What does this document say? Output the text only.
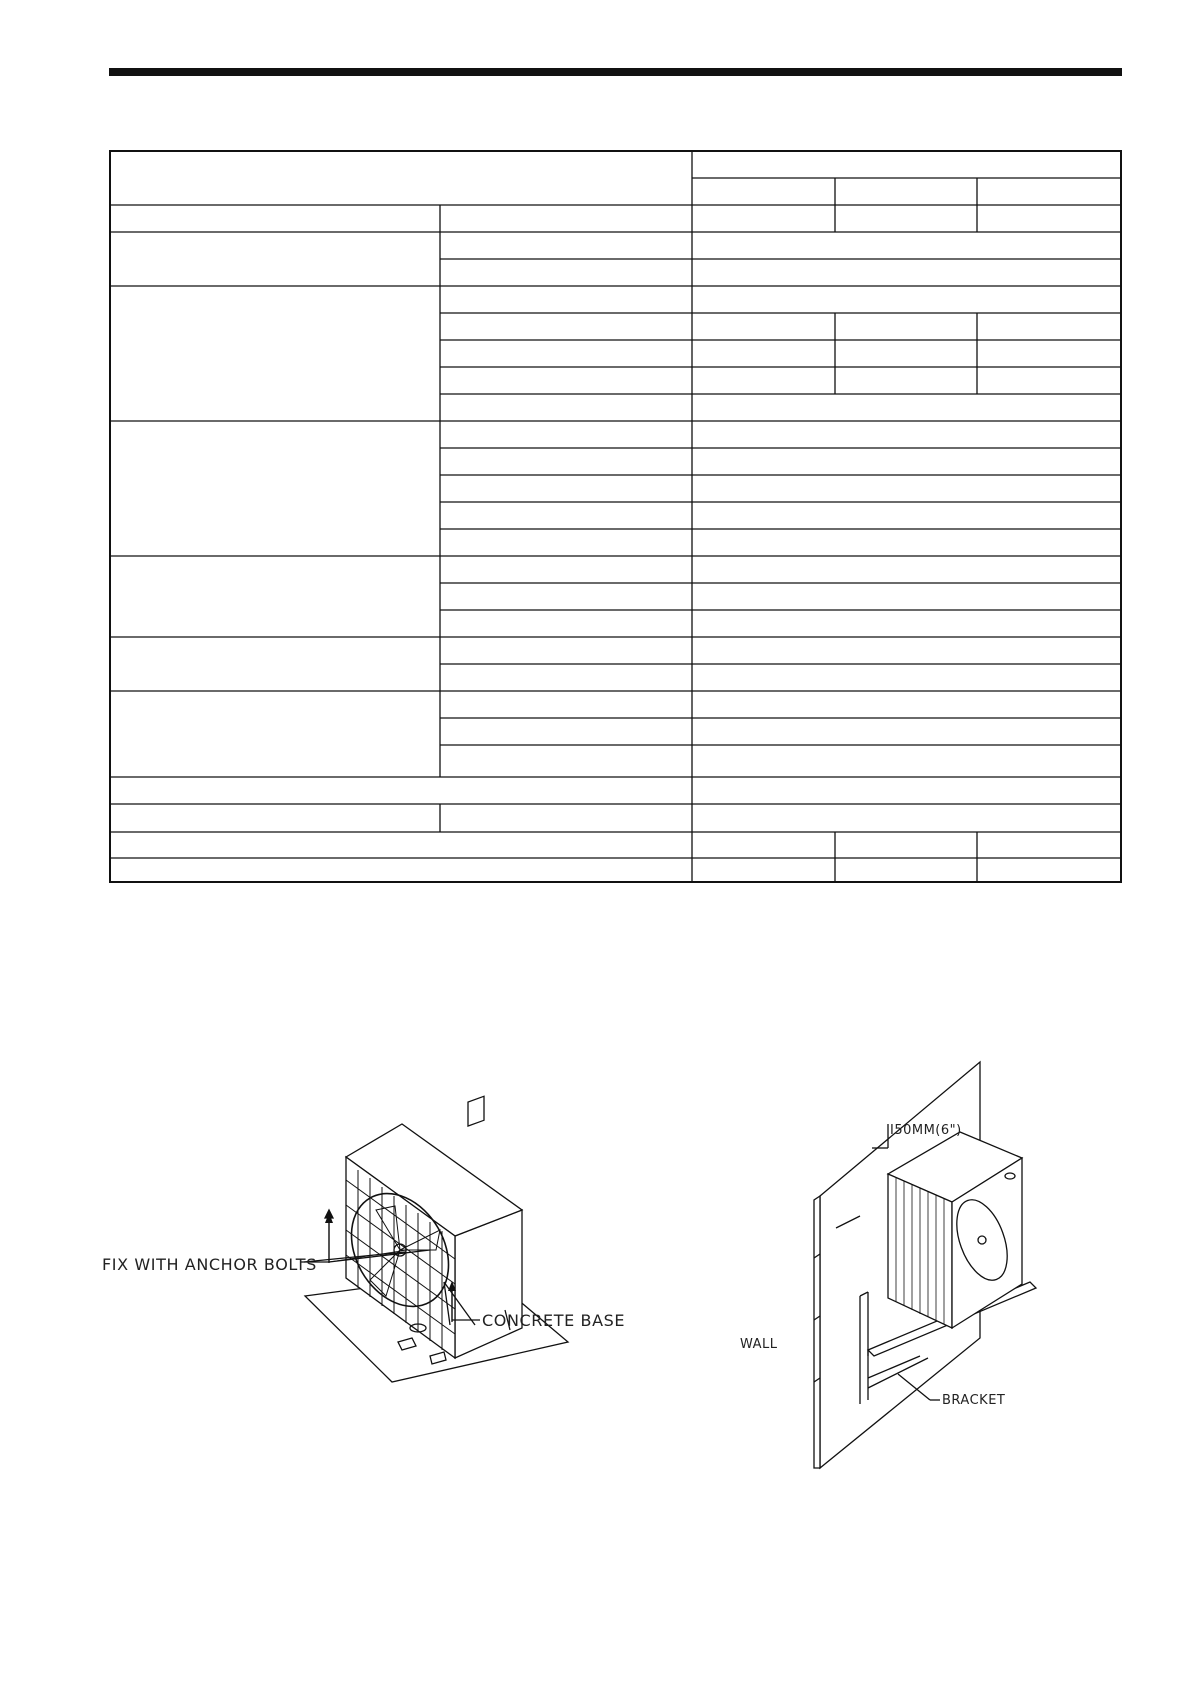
FIX WITH ANCHOR BOLTS
CONCRETE BASE
I50MM(6")
WALL
BRACKET
